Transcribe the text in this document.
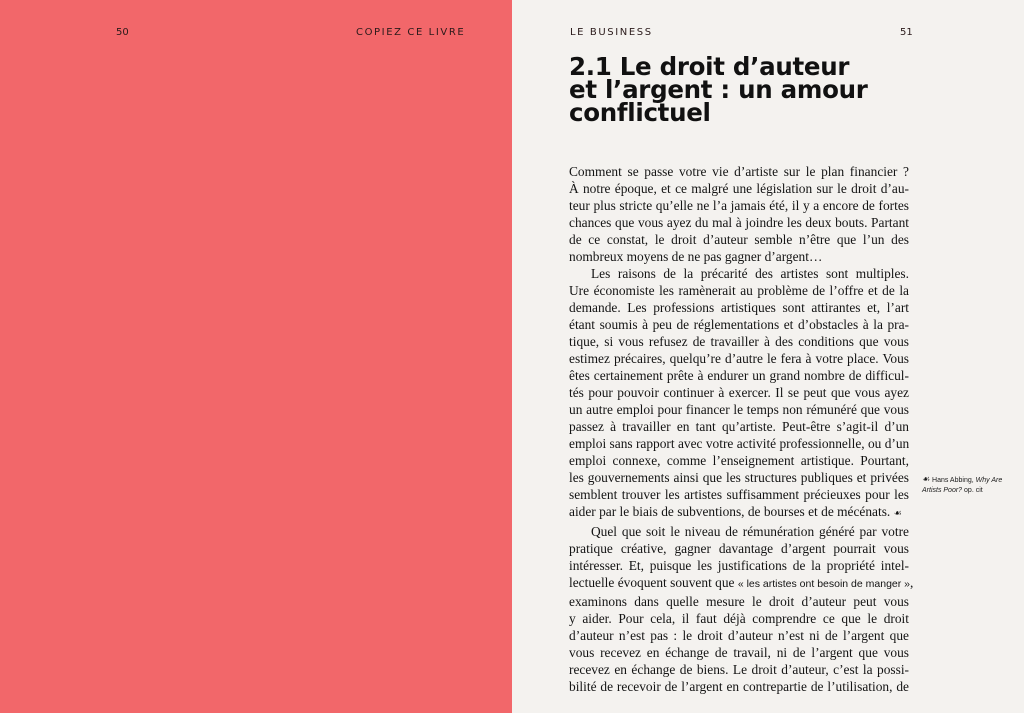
50	COPIEZ CE LIVRE	LE BUSINESS	51
2.1 Le droit d’auteur
et l’argent : un amour
conflictuel
Comment se passe votre vie d’artiste sur le plan financier ?
À notre époque, et ce malgré une législation sur le droit d’au-
teur plus stricte qu’elle ne l’a jamais été, il y a encore de fortes
chances que vous ayez du mal à joindre les deux bouts. Partant
de ce constat, le droit d’auteur semble n’être que l’un des
nombreux moyens de ne pas gagner d’argent…
Les raisons de la précarité des artistes sont multiples.
Ure économiste les ramènerait au problème de l’offre et de la
demande. Les professions artistiques sont attirantes et, l’art
étant soumis à peu de réglementations et d’obstacles à la pra-
tique, si vous refusez de travailler à des conditions que vous
estimez précaires, quelqu’re d’autre le fera à votre place. Vous
êtes certainement prête à endurer un grand nombre de difficul-
tés pour pouvoir continuer à exercer. Il se peut que vous ayez
un autre emploi pour financer le temps non rémunéré que vous
passez à travailler en tant qu’artiste. Peut-être s’agit-il d’un
emploi sans rapport avec votre activité professionnelle, ou d’un
emploi connexe, comme l’enseignement artistique. Pourtant,
les gouvernements ainsi que les structures publiques et privées
semblent trouver les artistes suffisamment précieuxes pour les
aider par le biais de subventions, de bourses et de mécénats. ☙
Quel que soit le niveau de rémunération généré par votre
pratique créative, gagner davantage d’argent pourrait vous
intéresser. Et, puisque les justifications de la propriété intel-
lectuelle évoquent souvent que « les artistes ont besoin de manger »,
examinons dans quelle mesure le droit d’auteur peut vous
y aider. Pour cela, il faut déjà comprendre ce que le droit
d’auteur n’est pas : le droit d’auteur n’est ni de l’argent que
vous recevez en échange de travail, ni de l’argent que vous
recevez en échange de biens. Le droit d’auteur, c’est la possi-
bilité de recevoir de l’argent en contrepartie de l’utilisation, de
☙ Hans Abbing, Why Are Artists Poor? op. cit
